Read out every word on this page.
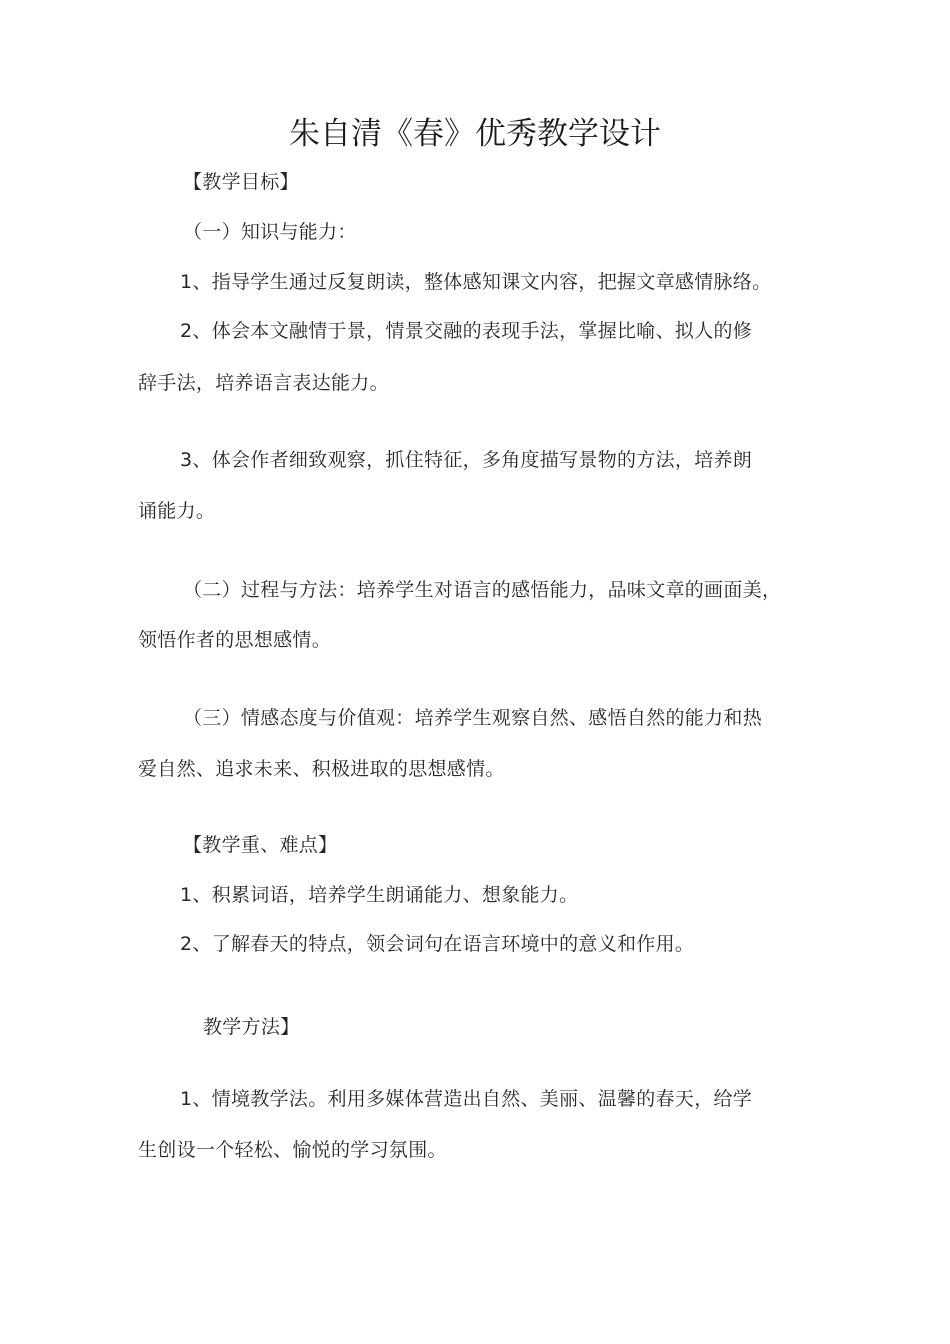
朱自清《春》优秀教学设计
【教学目标】
（一）知识与能力：
1、指导学生通过反复朗读，整体感知课文内容，把握文章感情脉络。
2、体会本文融情于景，情景交融的表现手法，掌握比喻、拟人的修
辞手法，培养语言表达能力。
3、体会作者细致观察，抓住特征，多角度描写景物的方法，培养朗
诵能力。
（二）过程与方法：培养学生对语言的感悟能力，品味文章的画面美，
领悟作者的思想感情。
（三）情感态度与价值观：培养学生观察自然、感悟自然的能力和热
爱自然、追求未来、积极进取的思想感情。
【教学重、难点】
1、积累词语，培养学生朗诵能力、想象能力。
2、了解春天的特点，领会词句在语言环境中的意义和作用。
教学方法】
1、情境教学法。利用多媒体营造出自然、美丽、温馨的春天，给学
生创设一个轻松、愉悦的学习氛围。
